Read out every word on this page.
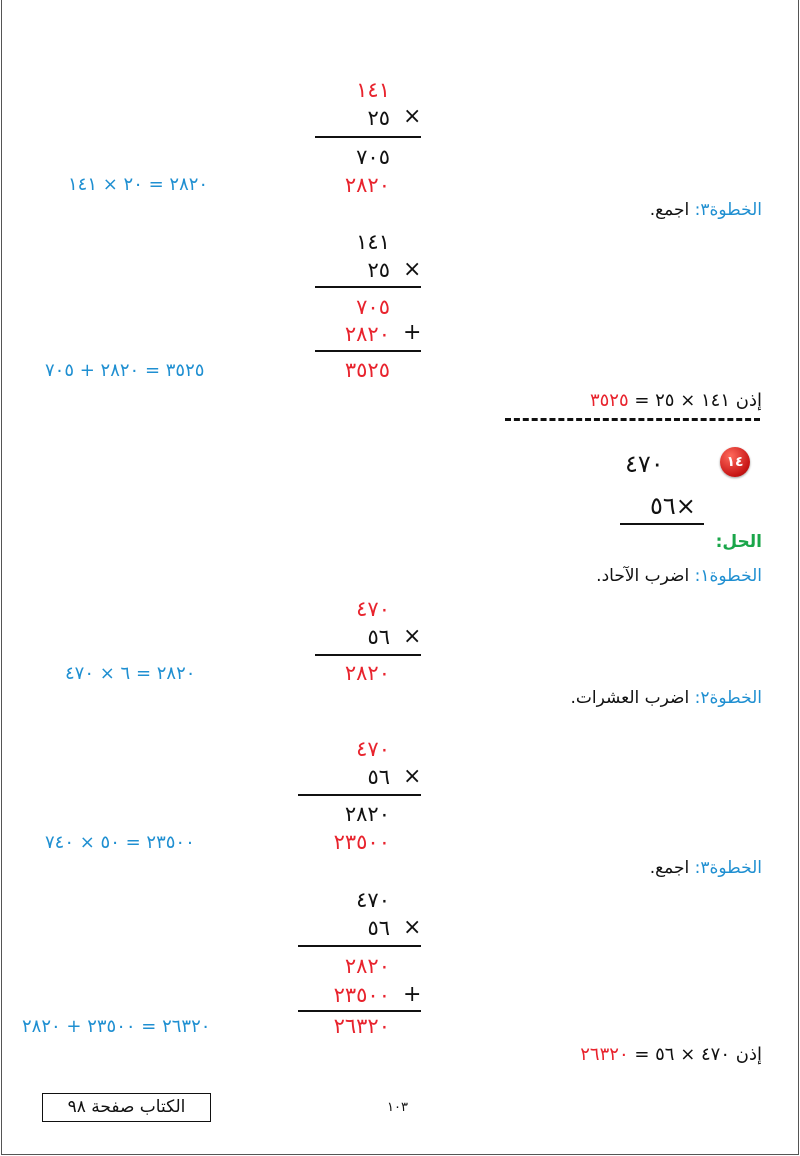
١٤١
٢٥ ×
٧٠٥
٢٨٢٠
٢٨٢٠ = ٢٠ × ١٤١
الخطوة٣: اجمع.
١٤١
٢٥ ×
٧٠٥
٢٨٢٠ +
٣٥٢٥
٣٥٢٥ = ٢٨٢٠ + ٧٠٥
إذن ١٤١ × ٢٥ = ٣٥٢٥
١٤
٤٧٠
٥٦×
الحل:
الخطوة١: اضرب الآحاد.
٤٧٠
٥٦ ×
٢٨٢٠
٢٨٢٠ = ٦ × ٤٧٠
الخطوة٢: اضرب العشرات.
٤٧٠
٥٦ ×
٢٨٢٠
٢٣٥٠٠
٢٣٥٠٠ = ٥٠ × ٧٤٠
الخطوة٣: اجمع.
٤٧٠
٥٦ ×
٢٨٢٠
٢٣٥٠٠ +
٢٦٣٢٠
٢٦٣٢٠ = ٢٣٥٠٠ + ٢٨٢٠
إذن ٤٧٠ × ٥٦ = ٢٦٣٢٠
الكتاب صفحة ٩٨	١٠٣
